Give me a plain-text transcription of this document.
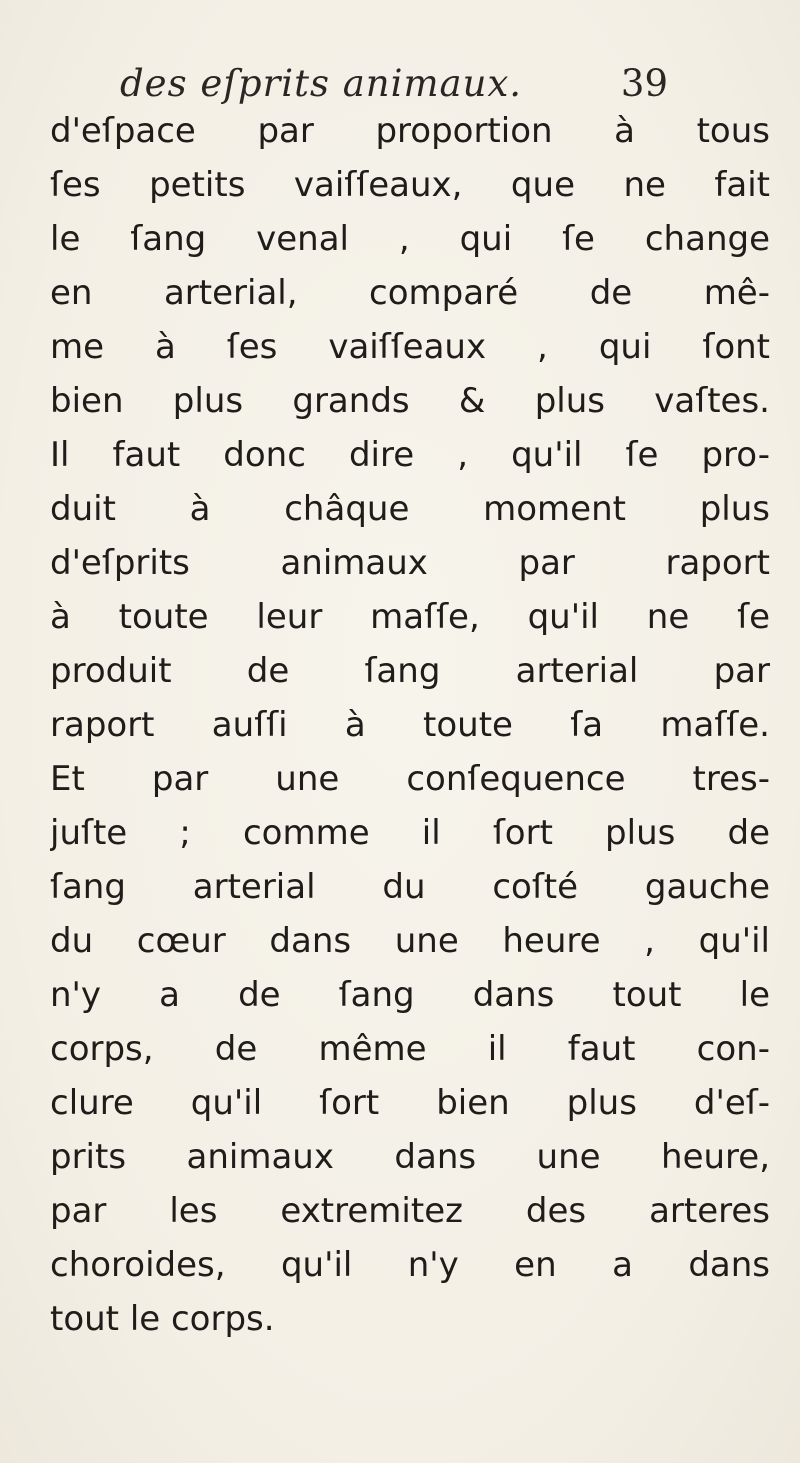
des eſprits animaux.	39
d'eſpace par proportion à tous
ſes petits vaiſſeaux, que ne fait
le ſang venal , qui ſe change
en arterial, comparé de mê-
me à ſes vaiſſeaux , qui ſont
bien plus grands & plus vaſtes.
Il faut donc dire , qu'il ſe pro-
duit à châque moment plus
d'eſprits animaux par raport
à toute leur maſſe, qu'il ne ſe
produit de ſang arterial par
raport auſſi à toute ſa maſſe.
Et par une conſequence tres-
juſte ; comme il ſort plus de
ſang arterial du coſté gauche
du cœur dans une heure , qu'il
n'y a de ſang dans tout le
corps, de même il faut con-
clure qu'il ſort bien plus d'eſ-
prits animaux dans une heure,
par les extremitez des arteres
choroides, qu'il n'y en a dans
tout le corps.
